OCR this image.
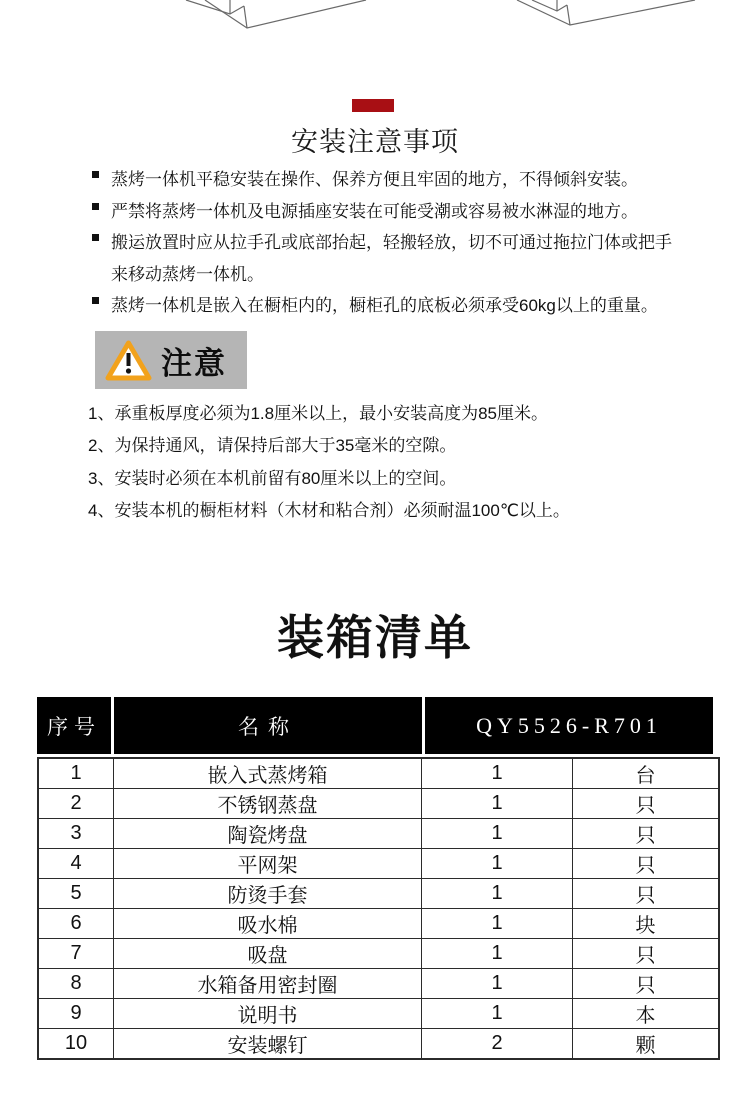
安装注意事项
蒸烤一体机平稳安装在操作、保养方便且牢固的地方，不得倾斜安装。
严禁将蒸烤一体机及电源插座安装在可能受潮或容易被水淋湿的地方。
搬运放置时应从拉手孔或底部抬起，轻搬轻放，切不可通过拖拉门体或把手来移动蒸烤一体机。
蒸烤一体机是嵌入在橱柜内的，橱柜孔的底板必须承受60kg以上的重量。
注意
1、承重板厚度必须为1.8厘米以上，最小安装高度为85厘米。
2、为保持通风，请保持后部大于35毫米的空隙。
3、安装时必须在本机前留有80厘米以上的空间。
4、安装本机的橱柜材料（木材和粘合剂）必须耐温100℃以上。
装箱清单
序号	名称	QY5526-R701
1	嵌入式蒸烤箱	1	台
2	不锈钢蒸盘	1	只
3	陶瓷烤盘	1	只
4	平网架	1	只
5	防烫手套	1	只
6	吸水棉	1	块
7	吸盘	1	只
8	水箱备用密封圈	1	只
9	说明书	1	本
10	安装螺钉	2	颗
